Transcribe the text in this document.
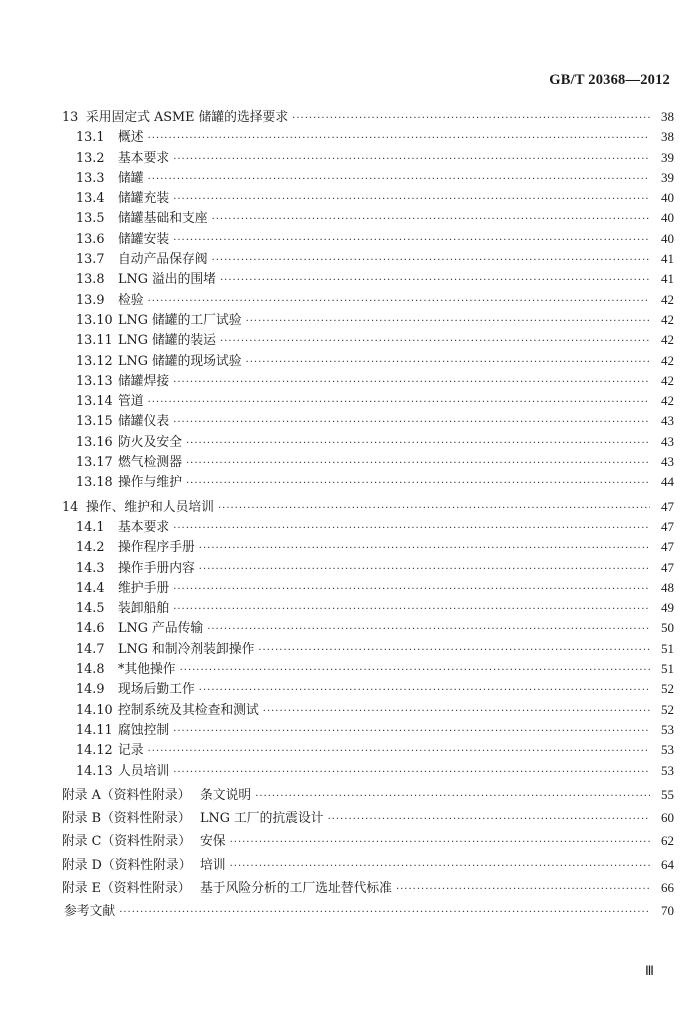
GB/T 20368—2012
13 采用固定式 ASME 储罐的选择要求 ·····	38
13.1	概述 ·····	38
13.2	基本要求 ·····	39
13.3	储罐 ·····	39
13.4	储罐充装 ·····	40
13.5	储罐基础和支座 ·····	40
13.6	储罐安装 ·····	40
13.7	自动产品保存阀 ·····	41
13.8	LNG 溢出的围堵 ·····	41
13.9	检验 ·····	42
13.10 LNG 储罐的工厂试验 ·····	42
13.11 LNG 储罐的装运 ·····	42
13.12 LNG 储罐的现场试验 ·····	42
13.13 储罐焊接 ·····	42
13.14 管道 ·····	42
13.15 储罐仪表 ·····	43
13.16 防火及安全 ·····	43
13.17 燃气检测器 ·····	43
13.18 操作与维护 ·····	44
14 操作、维护和人员培训 ·····	47
14.1	基本要求 ·····	47
14.2	操作程序手册 ·····	47
14.3	操作手册内容 ·····	47
14.4	维护手册 ·····	48
14.5	装卸船舶 ·····	49
14.6	LNG 产品传输 ·····	50
14.7	LNG 和制冷剂装卸操作 ·····	51
14.8	*其他操作 ·····	51
14.9	现场后勤工作 ·····	52
14.10 控制系统及其检查和测试 ·····	52
14.11 腐蚀控制 ·····	53
14.12 记录 ·····	53
14.13 人员培训 ·····	53
附录 A（资料性附录） 条文说明 ·····	55
附录 B（资料性附录） LNG 工厂的抗震设计 ·····	60
附录 C（资料性附录） 安保 ·····	62
附录 D（资料性附录） 培训 ·····	64
附录 E（资料性附录） 基于风险分析的工厂选址替代标准 ·····	66
参考文献 ·····	70
Ⅲ
